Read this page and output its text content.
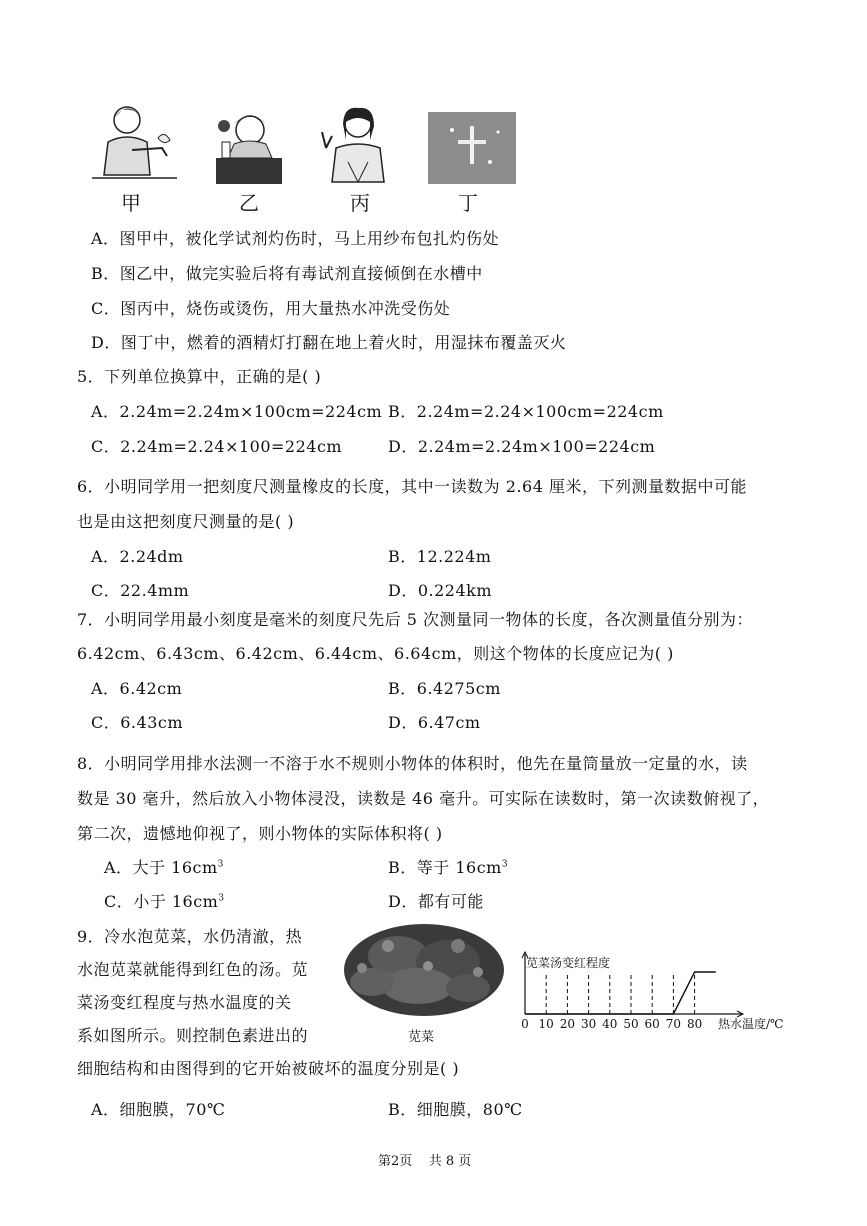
甲	乙	丙	丁
A．图甲中，被化学试剂灼伤时，马上用纱布包扎灼伤处
B．图乙中，做完实验后将有毒试剂直接倾倒在水槽中
C．图丙中，烧伤或烫伤，用大量热水冲洗受伤处
D．图丁中，燃着的酒精灯打翻在地上着火时，用湿抹布覆盖灭火
5．下列单位换算中，正确的是( )
A．2.24m=2.24m×100cm=224cm B．2.24m=2.24×100cm=224cm
C．2.24m=2.24×100=224cm	D．2.24m=2.24m×100=224cm
6．小明同学用一把刻度尺测量橡皮的长度，其中一读数为 2.64 厘米，下列测量数据中可能
也是由这把刻度尺测量的是( )
A．2.24dm	B．12.224m
C．22.4mm	D．0.224km
7．小明同学用最小刻度是毫米的刻度尺先后 5 次测量同一物体的长度，各次测量值分别为：
6.42cm、6.43cm、6.42cm、6.44cm、6.64cm，则这个物体的长度应记为( )
A．6.42cm	B．6.4275cm
C．6.43cm	D．6.47cm
8．小明同学用排水法测一不溶于水不规则小物体的体积时，他先在量筒量放一定量的水，读
数是 30 毫升，然后放入小物体浸没，读数是 46 毫升。可实际在读数时，第一次读数俯视了，
第二次，遗憾地仰视了，则小物体的实际体积将( )
A．大于 $16cm^3$	B．等于 $16cm^3$
C．小于 $16cm^3$	D．都有可能
9．冷水泡苋菜，水仍清澈，热
水泡苋菜就能得到红色的汤。苋
菜汤变红程度与热水温度的关
系如图所示。则控制色素进出的
细胞结构和由图得到的它开始被破坏的温度分别是( )
苋菜
0 10 20 30 40 50 60 70 80
苋菜汤变红程度
热水温度/℃
A．细胞膜，70℃	B．细胞膜，80℃
第2页    共 8 页
